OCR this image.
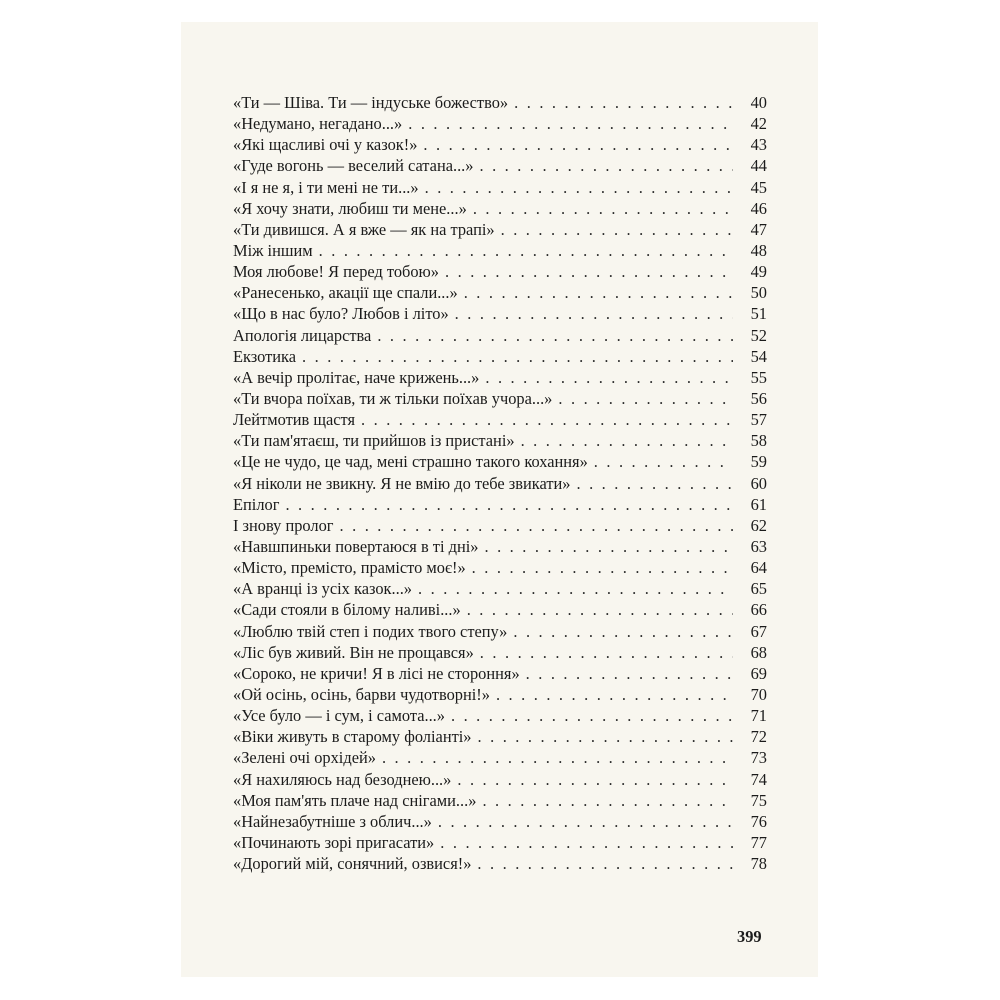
«Ти — Шіва. Ти — індуське божество» . . .	40
«Недумано, негадано...» . . .	42
«Які щасливі очі у казок!» . . .	43
«Гуде вогонь — веселий сатана...» . . .	44
«І я не я, і ти мені не ти...» . . .	45
«Я хочу знати, любиш ти мене...» . . .	46
«Ти дивишся. А я вже — як на трапі» . . .	47
Між іншим . . .	48
Моя любове! Я перед тобою» . . .	49
«Ранесенько, акації ще спали...» . . .	50
«Що в нас було? Любов і літо» . . .	51
Апологія лицарства . . .	52
Екзотика . . .	54
«А вечір пролітає, наче крижень...» . . .	55
«Ти вчора поїхав, ти ж тільки поїхав учора...» . . .	56
Лейтмотив щастя . . .	57
«Ти пам'ятаєш, ти прийшов із пристані» . . .	58
«Це не чудо, це чад, мені страшно такого кохання» . . .	59
«Я ніколи не звикну. Я не вмію до тебе звикати» . . .	60
Епілог . . .	61
І знову пролог . . .	62
«Навшпиньки повертаюся в ті дні» . . .	63
«Місто, премісто, прамісто моє!» . . .	64
«А вранці із усіх казок...» . . .	65
«Сади стояли в білому наливі...» . . .	66
«Люблю твій степ і подих твого степу» . . .	67
«Ліс був живий. Він не прощався» . . .	68
«Сороко, не кричи! Я в лісі не стороння» . . .	69
«Ой осінь, осінь, барви чудотворні!» . . .	70
«Усе було — і сум, і самота...» . . .	71
«Віки живуть в старому фоліанті» . . .	72
«Зелені очі орхідей» . . .	73
«Я нахиляюсь над безоднею...» . . .	74
«Моя пам'ять плаче над снігами...» . . .	75
«Найнезабутніше з облич...» . . .	76
«Починають зорі пригасати» . . .	77
«Дорогий мій, сонячний, озвися!» . . .	78
399
